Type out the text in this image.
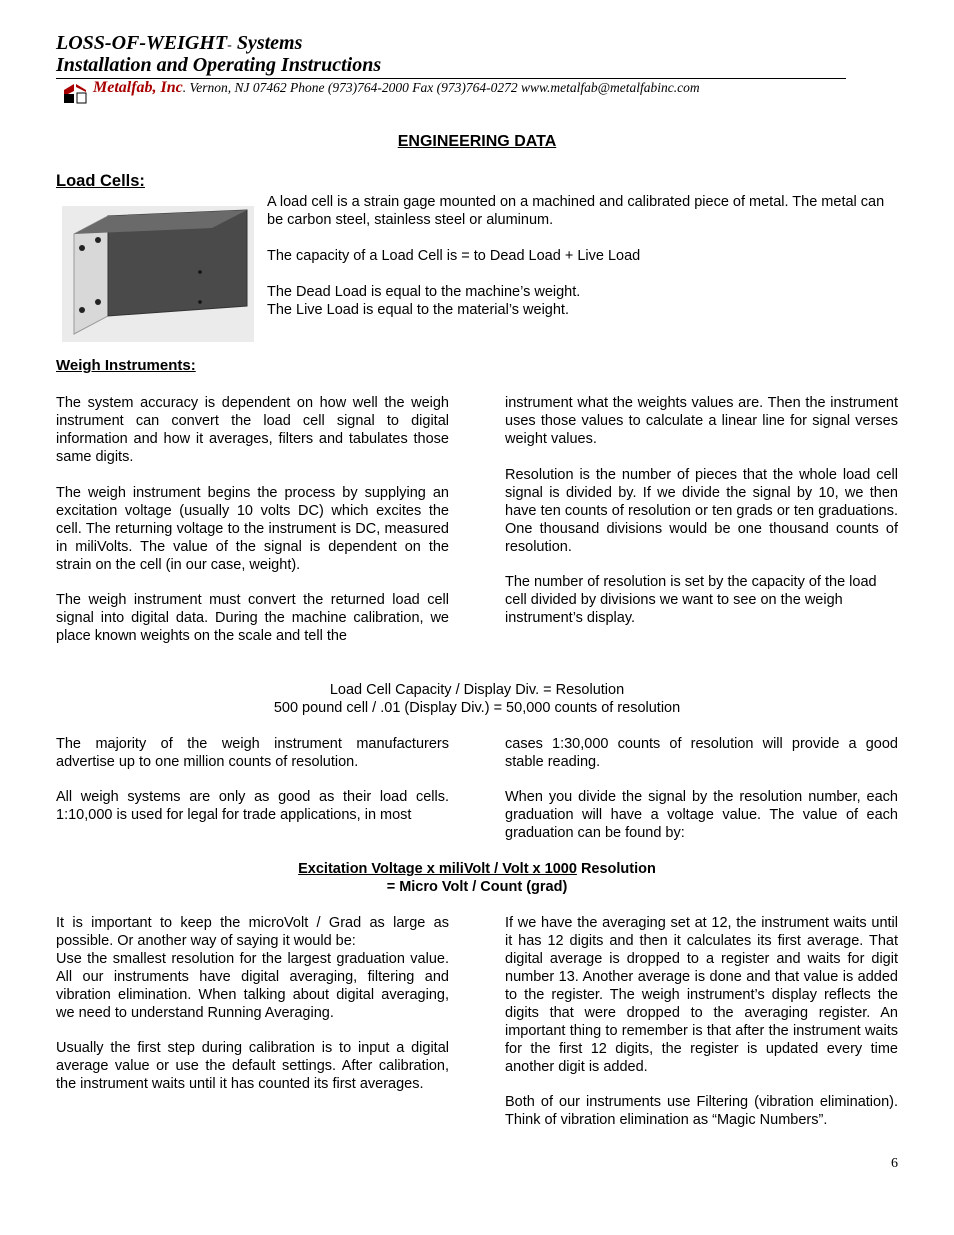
LOSS-OF-WEIGHT- Systems
Installation and Operating Instructions
Metalfab, Inc. Vernon, NJ 07462 Phone (973)764-2000 Fax (973)764-0272 www.metalfab@metalfabinc.com
ENGINEERING DATA
Load Cells:

A load cell is a strain gage mounted on a machined and calibrated piece of metal. The metal can be carbon steel, stainless steel or aluminum.

The capacity of a Load Cell is = to Dead Load + Live Load

The Dead Load is equal to the machine’s weight.

The Live Load is equal to the material’s weight.

Weigh Instruments:

The system accuracy is dependent on how well the weigh instrument can convert the load cell signal to digital information and how it averages, filters and tabulates those same digits.

The weigh instrument begins the process by supplying an excitation voltage (usually 10 volts DC) which excites the cell. The returning voltage to the instrument is DC, measured in miliVolts. The value of the signal is dependent on the strain on the cell (in our case, weight).

The weigh instrument must convert the returned load cell signal into digital data. During the machine calibration, we place known weights on the scale and tell the

instrument what the weights values are. Then the instrument uses those values to calculate a linear line for signal verses weight values.

Resolution is the number of pieces that the whole load cell signal is divided by. If we divide the signal by 10, we then have ten counts of resolution or ten grads or ten graduations. One thousand divisions would be one thousand counts of resolution.

The number of resolution is set by the capacity of the load cell divided by divisions we want to see on the weigh instrument’s display.

Load Cell Capacity / Display Div. = Resolution
500 pound cell / .01 (Display Div.) = 50,000 counts of resolution

The majority of the weigh instrument manufacturers advertise up to one million counts of resolution.

All weigh systems are only as good as their load cells. 1:10,000 is used for legal for trade applications, in most

cases 1:30,000 counts of resolution will provide a good stable reading.

When you divide the signal by the resolution number, each graduation will have a voltage value. The value of each graduation can be found by:

Excitation Voltage x miliVolt / Volt x 1000 Resolution
= Micro Volt / Count (grad)

It is important to keep the microVolt / Grad as large as possible. Or another way of saying it would be:

Use the smallest resolution for the largest graduation value. All our instruments have digital averaging, filtering and vibration elimination. When talking about digital averaging, we need to understand Running Averaging.

Usually the first step during calibration is to input a digital average value or use the default settings. After calibration, the instrument waits until it has counted its first averages.

If we have the averaging set at 12, the instrument waits until it has 12 digits and then it calculates its first average. That digital average is dropped to a register and waits for digit number 13. Another average is done and that value is added to the register. The weigh instrument’s display reflects the digits that were dropped to the averaging register. An important thing to remember is that after the instrument waits for the first 12 digits, the register is updated every time another digit is added.

Both of our instruments use Filtering (vibration elimination). Think of vibration elimination as “Magic Numbers”.

6
